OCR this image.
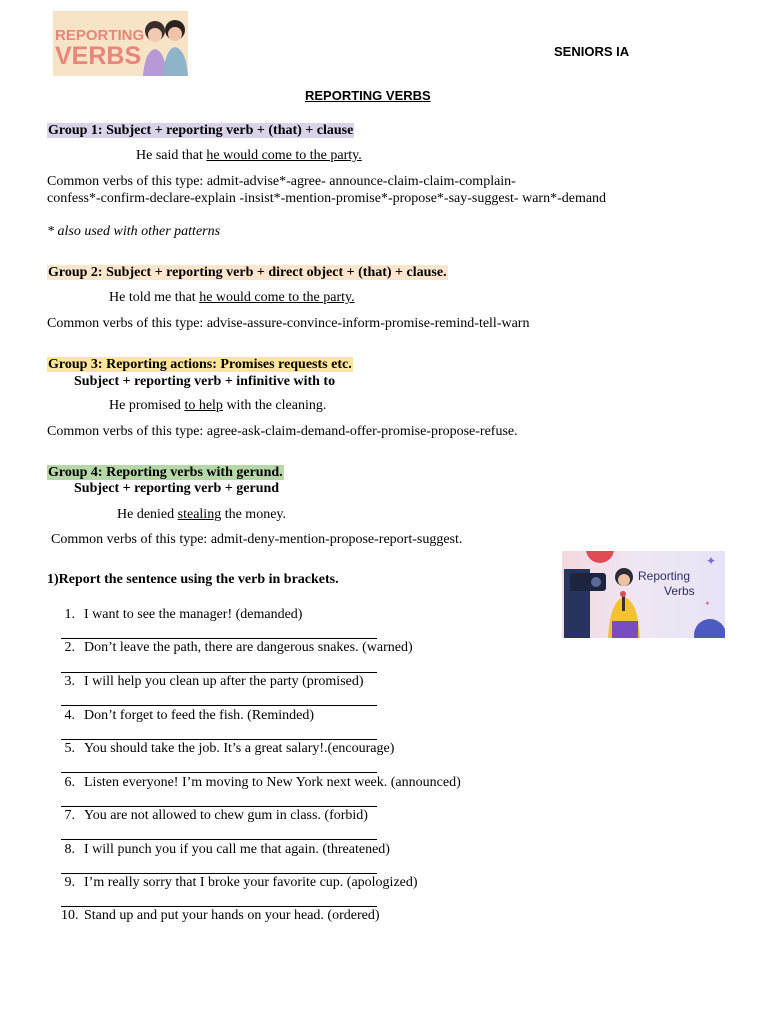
REPORTING
VERBS	SENIORS IA
REPORTING VERBS
Group 1: Subject + reporting verb + (that) + clause
He said that he would come to the party.
Common verbs of this type: admit-advise*-agree- announce-claim-claim-complain-
confess*-confirm-declare-explain -insist*-mention-promise*-propose*-say-suggest- warn*-demand
* also used with other patterns
Group 2: Subject + reporting verb + direct object + (that) + clause.
He told me that he would come to the party.
Common verbs of this type: advise-assure-convince-inform-promise-remind-tell-warn
Group 3: Reporting actions: Promises requests etc.
Subject + reporting verb + infinitive with to
He promised to help with the cleaning.
Common verbs of this type: agree-ask-claim-demand-offer-promise-propose-refuse.
Group 4: Reporting verbs with gerund.
Subject + reporting verb + gerund
He denied stealing the money.
Common verbs of this type: admit-deny-mention-propose-report-suggest.
✦
✦
Reporting
Verbs
1)Report the sentence using the verb in brackets.
1. I want to see the manager! (demanded)
2. Don’t leave the path, there are dangerous snakes. (warned)
3. I will help you clean up after the party (promised)
4. Don’t forget to feed the fish. (Reminded)
5. You should take the job. It’s a great salary!.(encourage)
6. Listen everyone! I’m moving to New York next week. (announced)
7. You are not allowed to chew gum in class. (forbid)
8. I will punch you if you call me that again. (threatened)
9. I’m really sorry that I broke your favorite cup. (apologized)
10. Stand up and put your hands on your head. (ordered)
